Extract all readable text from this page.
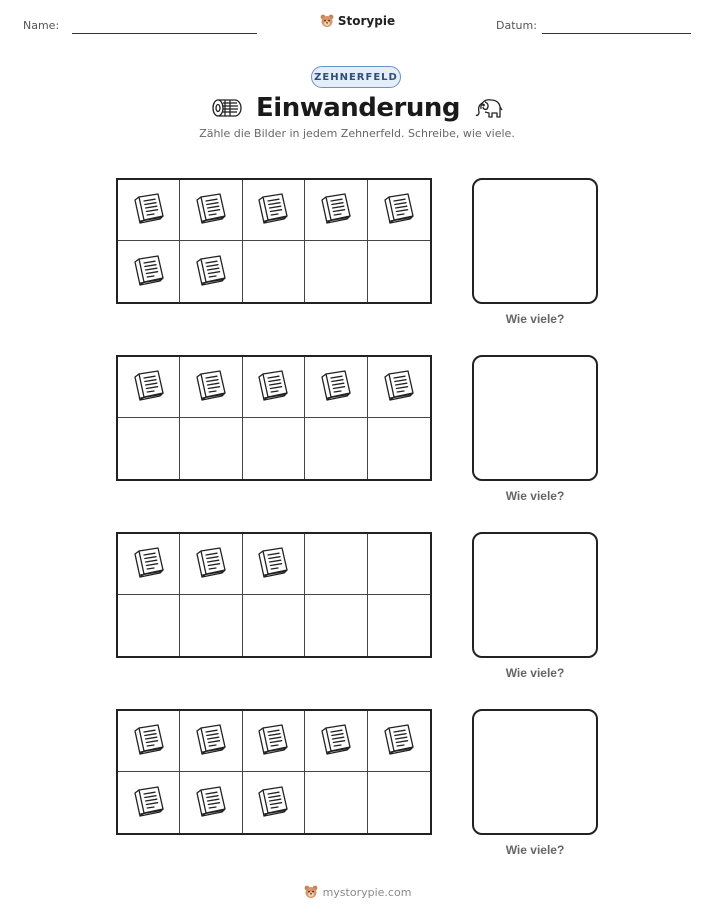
Name:	Storypie	Datum:
ZEHNERFELD
Einwanderung
Zähle die Bilder in jedem Zehnerfeld. Schreibe, wie viele.
Wie viele?
Wie viele?
Wie viele?
Wie viele?
mystorypie.com
